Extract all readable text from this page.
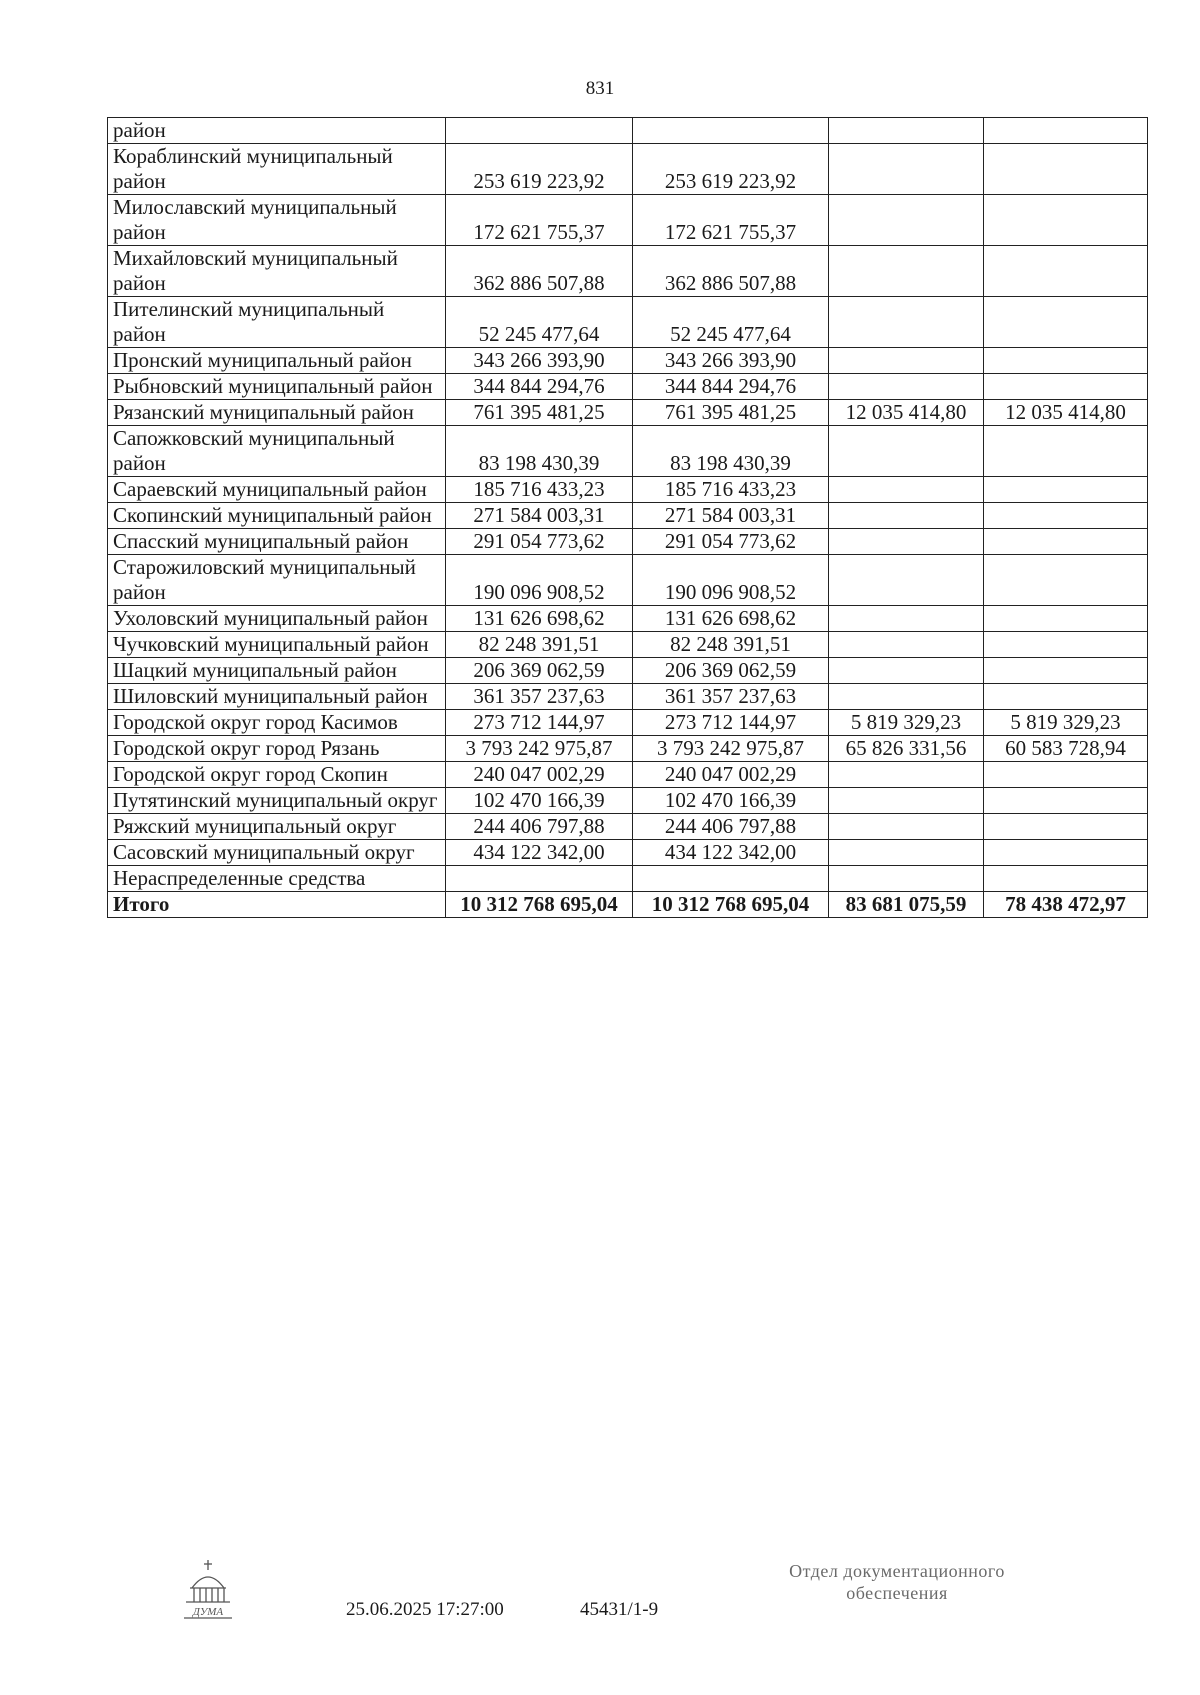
831
район				
Кораблинский муниципальный район	253 619 223,92	253 619 223,92		
Милославский муниципальный район	172 621 755,37	172 621 755,37		
Михайловский муниципальный район	362 886 507,88	362 886 507,88		
Пителинский муниципальный район	52 245 477,64	52 245 477,64		
Пронский муниципальный район	343 266 393,90	343 266 393,90		
Рыбновский муниципальный район	344 844 294,76	344 844 294,76		
Рязанский муниципальный район	761 395 481,25	761 395 481,25	12 035 414,80	12 035 414,80
Сапожковский муниципальный район	83 198 430,39	83 198 430,39		
Сараевский муниципальный район	185 716 433,23	185 716 433,23		
Скопинский муниципальный район	271 584 003,31	271 584 003,31		
Спасский муниципальный район	291 054 773,62	291 054 773,62		
Старожиловский муниципальный район	190 096 908,52	190 096 908,52		
Ухоловский муниципальный район	131 626 698,62	131 626 698,62		
Чучковский муниципальный район	82 248 391,51	82 248 391,51		
Шацкий муниципальный район	206 369 062,59	206 369 062,59		
Шиловский муниципальный район	361 357 237,63	361 357 237,63		
Городской округ город Касимов	273 712 144,97	273 712 144,97	5 819 329,23	5 819 329,23
Городской округ город Рязань	3 793 242 975,87	3 793 242 975,87	65 826 331,56	60 583 728,94
Городской округ город Скопин	240 047 002,29	240 047 002,29		
Путятинский муниципальный округ	102 470 166,39	102 470 166,39		
Ряжский муниципальный округ	244 406 797,88	244 406 797,88		
Сасовский муниципальный округ	434 122 342,00	434 122 342,00		
Нераспределенные средства				
Итого	10 312 768 695,04	10 312 768 695,04	83 681 075,59	78 438 472,97
ДУМА	25.06.2025 17:27:00	45431/1-9
Отдел документационного
обеспечения
